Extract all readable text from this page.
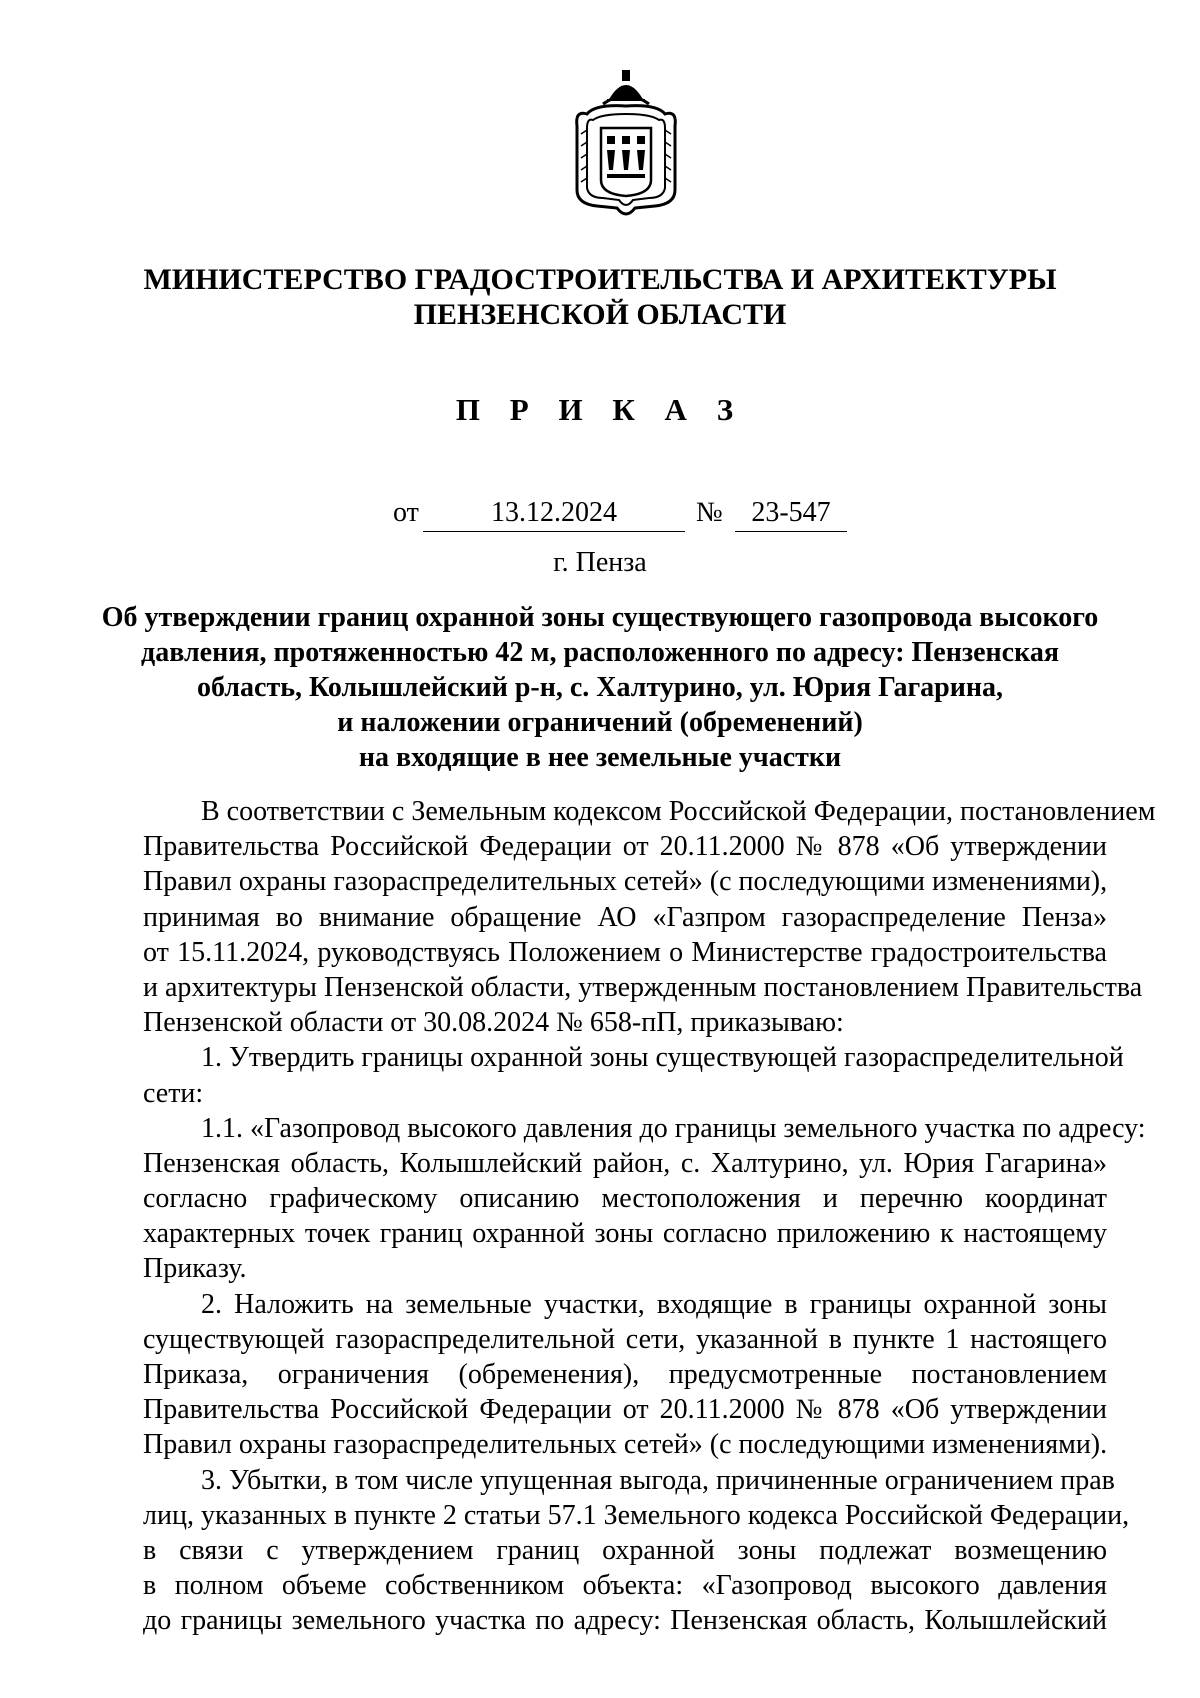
МИНИСТЕРСТВО ГРАДОСТРОИТЕЛЬСТВА И АРХИТЕКТУРЫ
ПЕНЗЕНСКОЙ ОБЛАСТИ
П Р И К А З
от	13.12.2024	№	23-547
г. Пенза
Об утверждении границ охранной зоны существующего газопровода высокого
давления, протяженностью 42 м, расположенного по адресу: Пензенская
область, Колышлейский р-н, с. Халтурино, ул. Юрия Гагарина,
и наложении ограничений (обременений)
на входящие в нее земельные участки
В соответствии с Земельным кодексом Российской Федерации, постановлением
Правительства Российской Федерации от 20.11.2000 № 878 «Об утверждении
Правил охраны газораспределительных сетей» (с последующими изменениями),
принимая во внимание обращение АО «Газпром газораспределение Пенза»
от 15.11.2024, руководствуясь Положением о Министерстве градостроительства
и архитектуры Пензенской области, утвержденным постановлением Правительства
Пензенской области от 30.08.2024 № 658-пП, приказываю:
1. Утвердить границы охранной зоны существующей газораспределительной
сети:
1.1. «Газопровод высокого давления до границы земельного участка по адресу:
Пензенская область, Колышлейский район, с. Халтурино, ул. Юрия Гагарина»
согласно графическому описанию местоположения и перечню координат
характерных точек границ охранной зоны согласно приложению к настоящему
Приказу.
2. Наложить на земельные участки, входящие в границы охранной зоны
существующей газораспределительной сети, указанной в пункте 1 настоящего
Приказа, ограничения (обременения), предусмотренные постановлением
Правительства Российской Федерации от 20.11.2000 № 878 «Об утверждении
Правил охраны газораспределительных сетей» (с последующими изменениями).
3. Убытки, в том числе упущенная выгода, причиненные ограничением прав
лиц, указанных в пункте 2 статьи 57.1 Земельного кодекса Российской Федерации,
в связи с утверждением границ охранной зоны подлежат возмещению
в полном объеме собственником объекта: «Газопровод высокого давления
до границы земельного участка по адресу: Пензенская область, Колышлейский
